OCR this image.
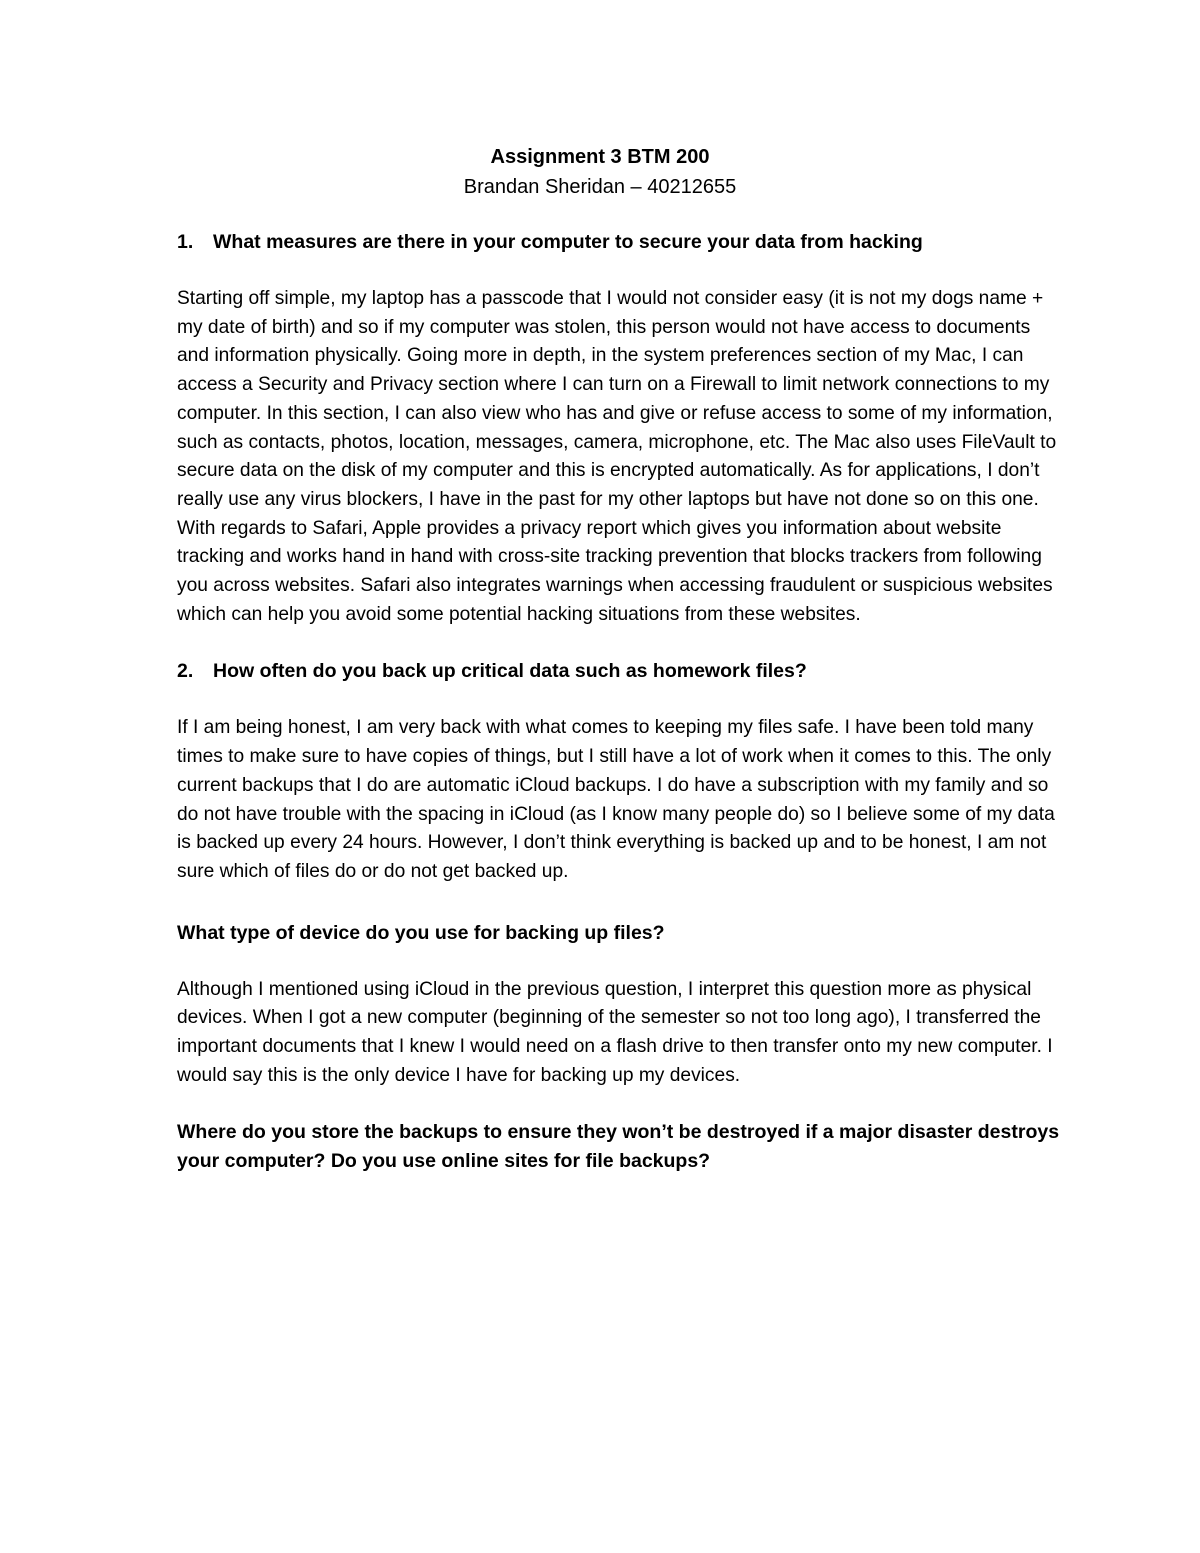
Assignment 3 BTM 200

Brandan Sheridan – 40212655

1.	What measures are there in your computer to secure your data from hacking

Starting off simple, my laptop has a passcode that I would not consider easy (it is not my dogs name + my date of birth) and so if my computer was stolen, this person would not have access to documents and information physically. Going more in depth, in the system preferences section of my Mac, I can access a Security and Privacy section where I can turn on a Firewall to limit network connections to my computer. In this section, I can also view who has and give or refuse access to some of my information, such as contacts, photos, location, messages, camera, microphone, etc. The Mac also uses FileVault to secure data on the disk of my computer and this is encrypted automatically. As for applications, I don’t really use any virus blockers, I have in the past for my other laptops but have not done so on this one. With regards to Safari, Apple provides a privacy report which gives you information about website tracking and works hand in hand with cross-site tracking prevention that blocks trackers from following you across websites. Safari also integrates warnings when accessing fraudulent or suspicious websites which can help you avoid some potential hacking situations from these websites.

2.	How often do you back up critical data such as homework files?

If I am being honest, I am very back with what comes to keeping my files safe. I have been told many times to make sure to have copies of things, but I still have a lot of work when it comes to this. The only current backups that I do are automatic iCloud backups. I do have a subscription with my family and so do not have trouble with the spacing in iCloud (as I know many people do) so I believe some of my data is backed up every 24 hours. However, I don’t think everything is backed up and to be honest, I am not sure which of files do or do not get backed up.

What type of device do you use for backing up files?

Although I mentioned using iCloud in the previous question, I interpret this question more as physical devices. When I got a new computer (beginning of the semester so not too long ago), I transferred the important documents that I knew I would need on a flash drive to then transfer onto my new computer. I would say this is the only device I have for backing up my devices.

Where do you store the backups to ensure they won’t be destroyed if a major disaster destroys your computer? Do you use online sites for file backups?
